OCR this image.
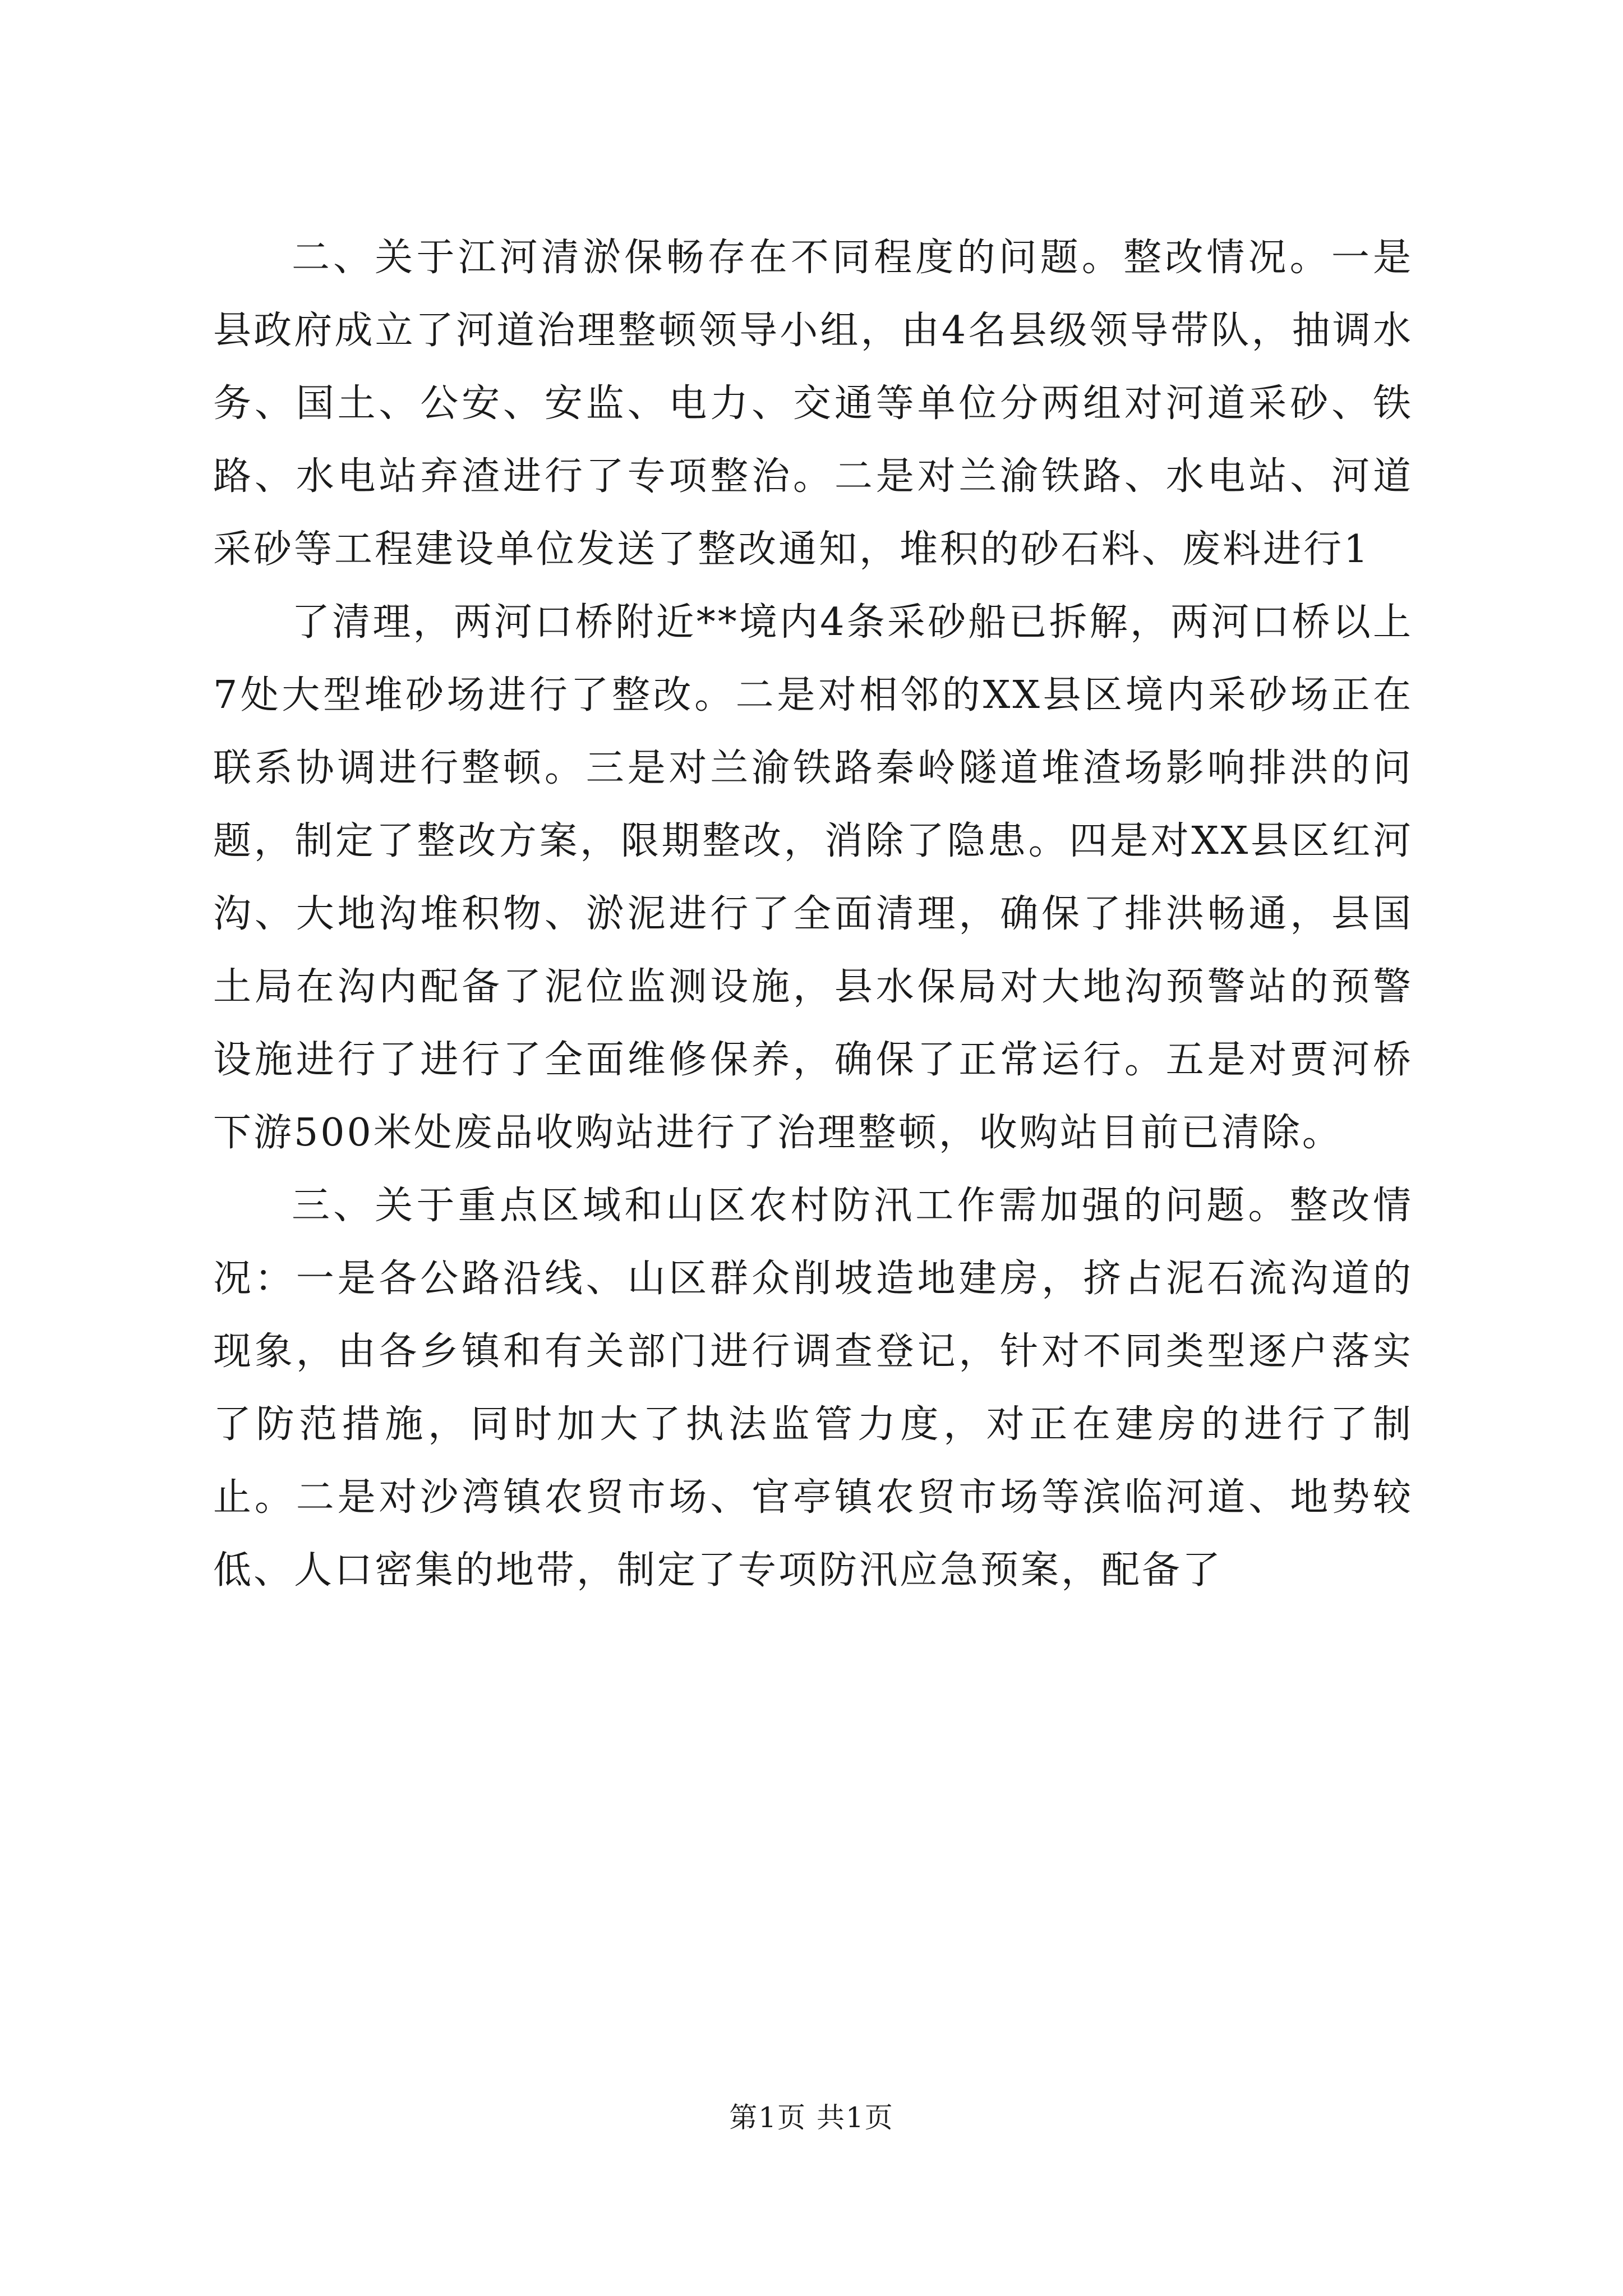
二、关于江河清淤保畅存在不同程度的问题。整改情况。一是县政府成立了河道治理整顿领导小组，由4名县级领导带队，抽调水务、国土、公安、安监、电力、交通等单位分两组对河道采砂、铁路、水电站弃渣进行了专项整治。二是对兰渝铁路、水电站、河道采砂等工程建设单位发送了整改通知，堆积的砂石料、废料进行1

了清理，两河口桥附近**境内4条采砂船已拆解，两河口桥以上7处大型堆砂场进行了整改。二是对相邻的XX县区境内采砂场正在联系协调进行整顿。三是对兰渝铁路秦岭隧道堆渣场影响排洪的问题，制定了整改方案，限期整改，消除了隐患。四是对XX县区红河沟、大地沟堆积物、淤泥进行了全面清理，确保了排洪畅通，县国土局在沟内配备了泥位监测设施，县水保局对大地沟预警站的预警设施进行了进行了全面维修保养，确保了正常运行。五是对贾河桥下游500米处废品收购站进行了治理整顿，收购站目前已清除。

三、关于重点区域和山区农村防汛工作需加强的问题。整改情况：一是各公路沿线、山区群众削坡造地建房，挤占泥石流沟道的现象，由各乡镇和有关部门进行调查登记，针对不同类型逐户落实了防范措施，同时加大了执法监管力度，对正在建房的进行了制止。二是对沙湾镇农贸市场、官亭镇农贸市场等滨临河道、地势较低、人口密集的地带，制定了专项防汛应急预案，配备了

第1页 共1页
